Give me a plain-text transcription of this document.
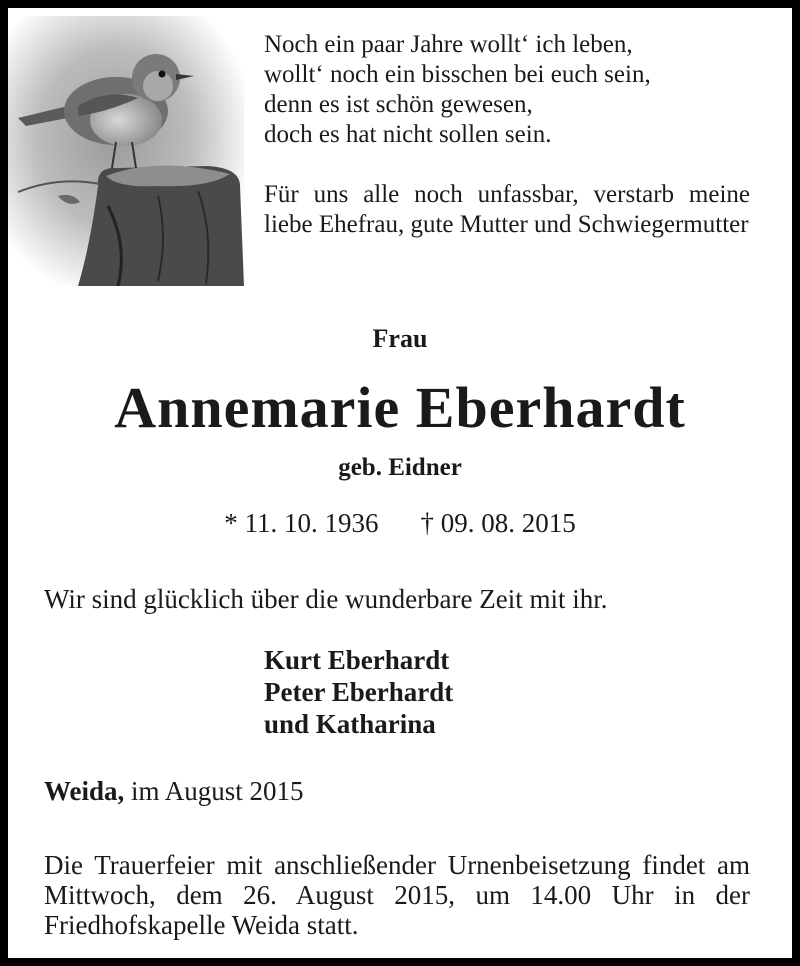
Noch ein paar Jahre wollt‘ ich leben,

wollt‘ noch ein bisschen bei euch sein,

denn es ist schön gewesen,

doch es hat nicht sollen sein.

Für uns alle noch unfassbar, verstarb meine liebe Ehefrau, gute Mutter und Schwiegermutter

Frau
Annemarie Eberhardt
geb. Eidner
* 11. 10. 1936 † 09. 08. 2015
Wir sind glücklich über die wunderbare Zeit mit ihr.
Kurt Eberhardt
Peter Eberhardt
und Katharina
Weida, im August 2015
Die Trauerfeier mit anschließender Urnenbeisetzung findet am Mittwoch, dem 26. August 2015, um 14.00 Uhr in der Friedhofskapelle Weida statt.
